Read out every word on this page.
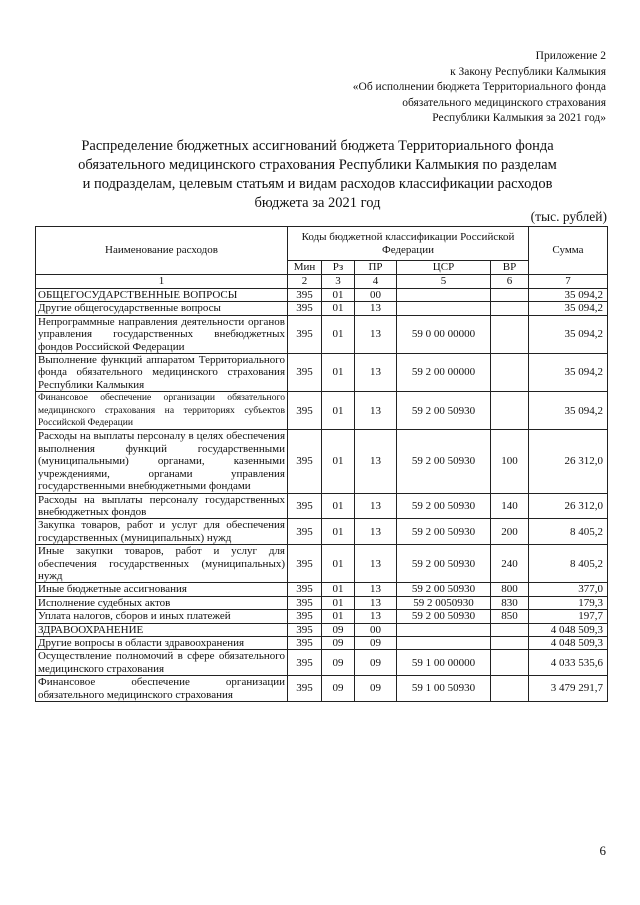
Приложение 2
к Закону Республики Калмыкия
«Об исполнении бюджета Территориального фонда
обязательного медицинского страхования
Республики Калмыкия за 2021 год»
Распределение бюджетных ассигнований бюджета Территориального фонда
обязательного медицинского страхования Республики Калмыкия по разделам
и подразделам, целевым статьям и видам расходов классификации расходов
бюджета за 2021 год
(тыс. рублей)
Наименование расходов	Коды бюджетной классификации Российской Федерации					Сумма
	Мин	Рз	ПР	ЦСР	ВР	
1	2	3	4	5	6	7
ОБЩЕГОСУДАРСТВЕННЫЕ ВОПРОСЫ	395	01	00			35 094,2
Другие общегосударственные вопросы	395	01	13			35 094,2
Непрограммные направления деятельности органов управления государственных внебюджетных фондов Российской Федерации	395	01	13	59 0 00 00000		35 094,2
Выполнение функций аппаратом Территориального фонда обязательного медицинского страхования Республики Калмыкия	395	01	13	59 2 00 00000		35 094,2
Финансовое обеспечение организации обязательного медицинского страхования на территориях субъектов Российской Федерации	395	01	13	59 2 00 50930		35 094,2
Расходы на выплаты персоналу в целях обеспечения выполнения функций государственными (муниципальными) органами, казенными учреждениями, органами управления государственными внебюджетными фондами	395	01	13	59 2 00 50930	100	26 312,0
Расходы на выплаты персоналу государственных внебюджетных фондов	395	01	13	59 2 00 50930	140	26 312,0
Закупка товаров, работ и услуг для обеспечения государственных (муниципальных) нужд	395	01	13	59 2 00 50930	200	8 405,2
Иные закупки товаров, работ и услуг для обеспечения государственных (муниципальных) нужд	395	01	13	59 2 00 50930	240	8 405,2
Иные бюджетные ассигнования	395	01	13	59 2 00 50930	800	377,0
Исполнение судебных актов	395	01	13	59 2 0050930	830	179,3
Уплата налогов, сборов и иных платежей	395	01	13	59 2 00 50930	850	197,7
ЗДРАВООХРАНЕНИЕ	395	09	00			4 048 509,3
Другие вопросы в области здравоохранения	395	09	09			4 048 509,3
Осуществление полномочий в сфере обязательного медицинского страхования	395	09	09	59 1 00 00000		4 033 535,6
Финансовое обеспечение организации обязательного медицинского страхования	395	09	09	59 1 00 50930		3 479 291,7
6
